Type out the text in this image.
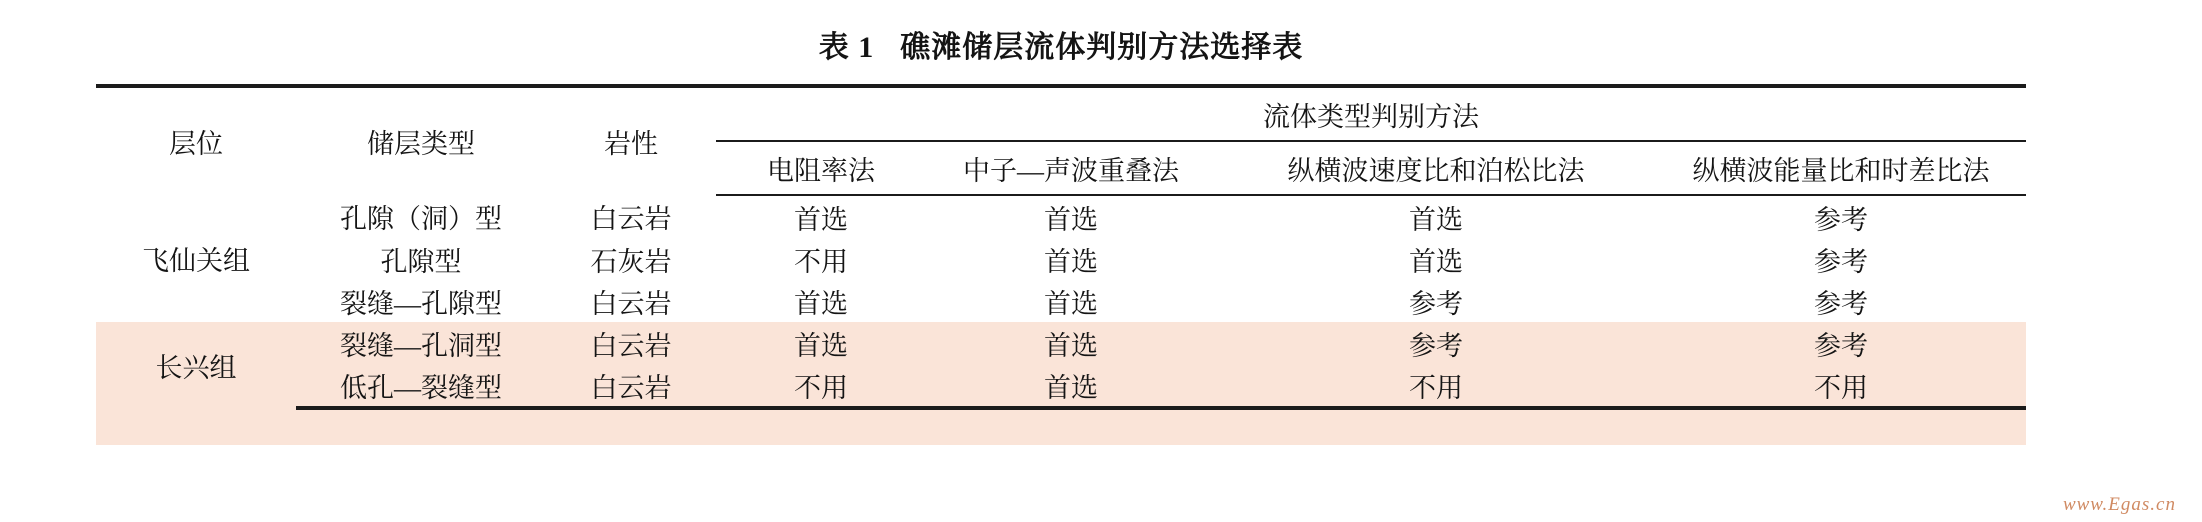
表 1 礁滩储层流体判别方法选择表
层位	储层类型	岩性	流体类型判别方法			
			电阻率法	中子—声波重叠法	纵横波速度比和泊松比法	纵横波能量比和时差比法
飞仙关组	孔隙（洞）型	白云岩	首选	首选	首选	参考
	孔隙型	石灰岩	不用	首选	首选	参考
	裂缝—孔隙型	白云岩	首选	首选	参考	参考
长兴组	裂缝—孔洞型	白云岩	首选	首选	参考	参考
	低孔—裂缝型	白云岩	不用	首选	不用	不用
www.Egas.cn
